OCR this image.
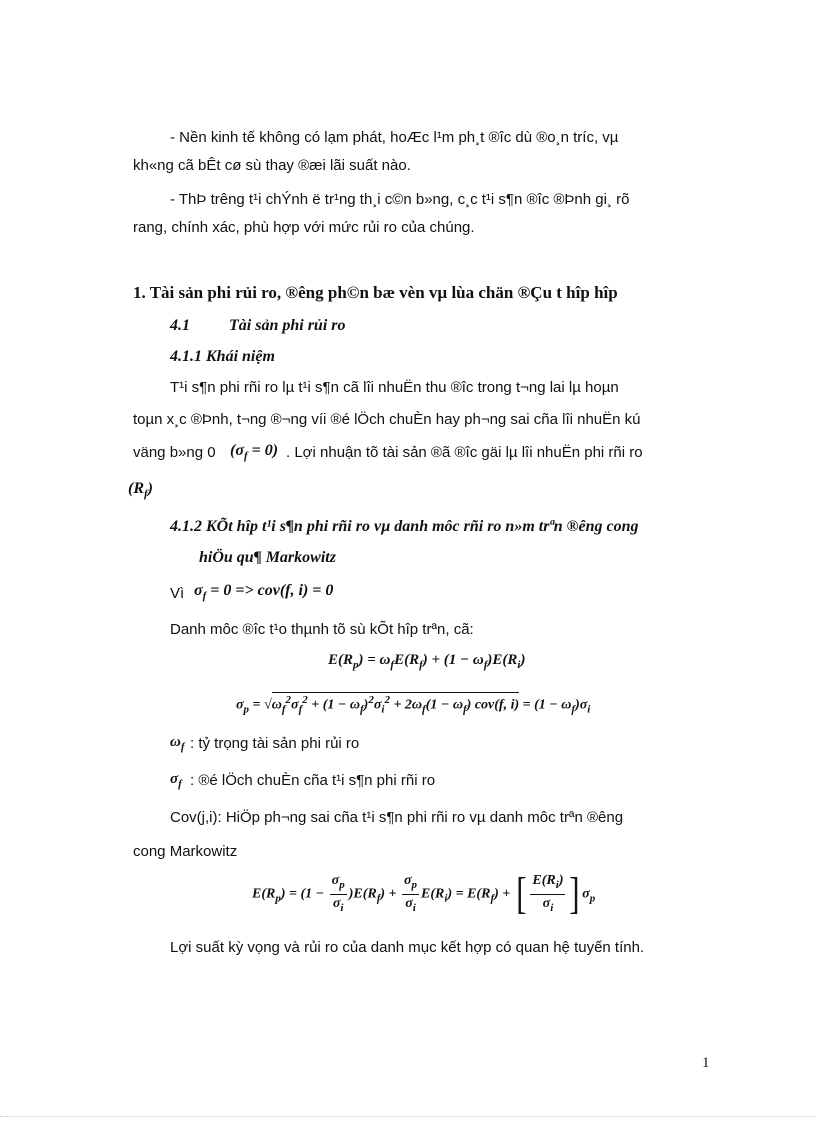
- Nền kinh tế không có lạm phát, hoÆc l¹m ph¸t ®îc dù ®o¸n tríc, vµ
kh«ng cã bÊt cø sù thay ®æi lãi suất nào.
- ThÞ trêng t¹i chÝnh ë tr¹ng th¸i c©n b»ng, c¸c t¹i s¶n ®îc ®Þnh gi¸ rõ
rang, chính xác, phù hợp với mức rủi ro của chúng.
1. Tài sản phi rủi ro, ®êng ph©n bæ vèn vµ lùa chän ®Çu t hîp hîp
4.1 Tài sản phi rủi ro
4.1.1 Khái niệm
T¹i s¶n phi rñi ro lµ t¹i s¶n cã lîi nhuËn thu ®îc trong t¬ng lai lµ hoµn
toµn x¸c ®Þnh, t¬ng ®¬ng víi ®é lÖch chuÈn hay ph¬ng sai cña lîi nhuËn kú
väng b»ng 0 $(\sigma_f = 0)$ . Lợi nhuận tõ tài sản ®ã ®îc gäi lµ lîi nhuËn phi rñi ro
$(R_f)$
4.1.2 KÕt hîp t¹i s¶n phi rñi ro vµ danh môc rñi ro n»m trªn ®êng cong
hiÖu qu¶ Markowitz
Vì $\sigma_f = 0 => cov(f$, i) = 0
Danh môc ®îc t¹o thµnh tõ sù kÕt hîp trªn, cã:
$E(R_p) = \omega_fE(R_f) + (1 - \omega_f)E(R_i)$
$\sigma_p = √\omega_f^2\sigma_f^2 + (1 - \omega_f)^2\sigma_i^2 + 2\omega_f(1 - \omega_f)$ cov(f, $i) = (1 - \omega_f)\sigma_i$
$\omega_f$ : tỷ trọng tài sản phi rủi ro
$\sigma_f$ : ®é lÖch chuÈn cña t¹i s¶n phi rñi ro
Cov(j,i): HiÖp ph¬ng sai cña t¹i s¶n phi rñi ro vµ danh môc trªn ®êng
cong Markowitz
$E(R_p) = (1 - \frac{\sigma_p}{\sigma_i} )E(R_f) + \frac{\sigma_p}{\sigma_i} E(R_i) = E(R_f)$ + [ $\frac{E(R_i)}{\sigma_i}$ ] $\sigma_p$
Lợi suất kỳ vọng và rủi ro của danh mục kết hợp có quan hệ tuyến tính.
1
